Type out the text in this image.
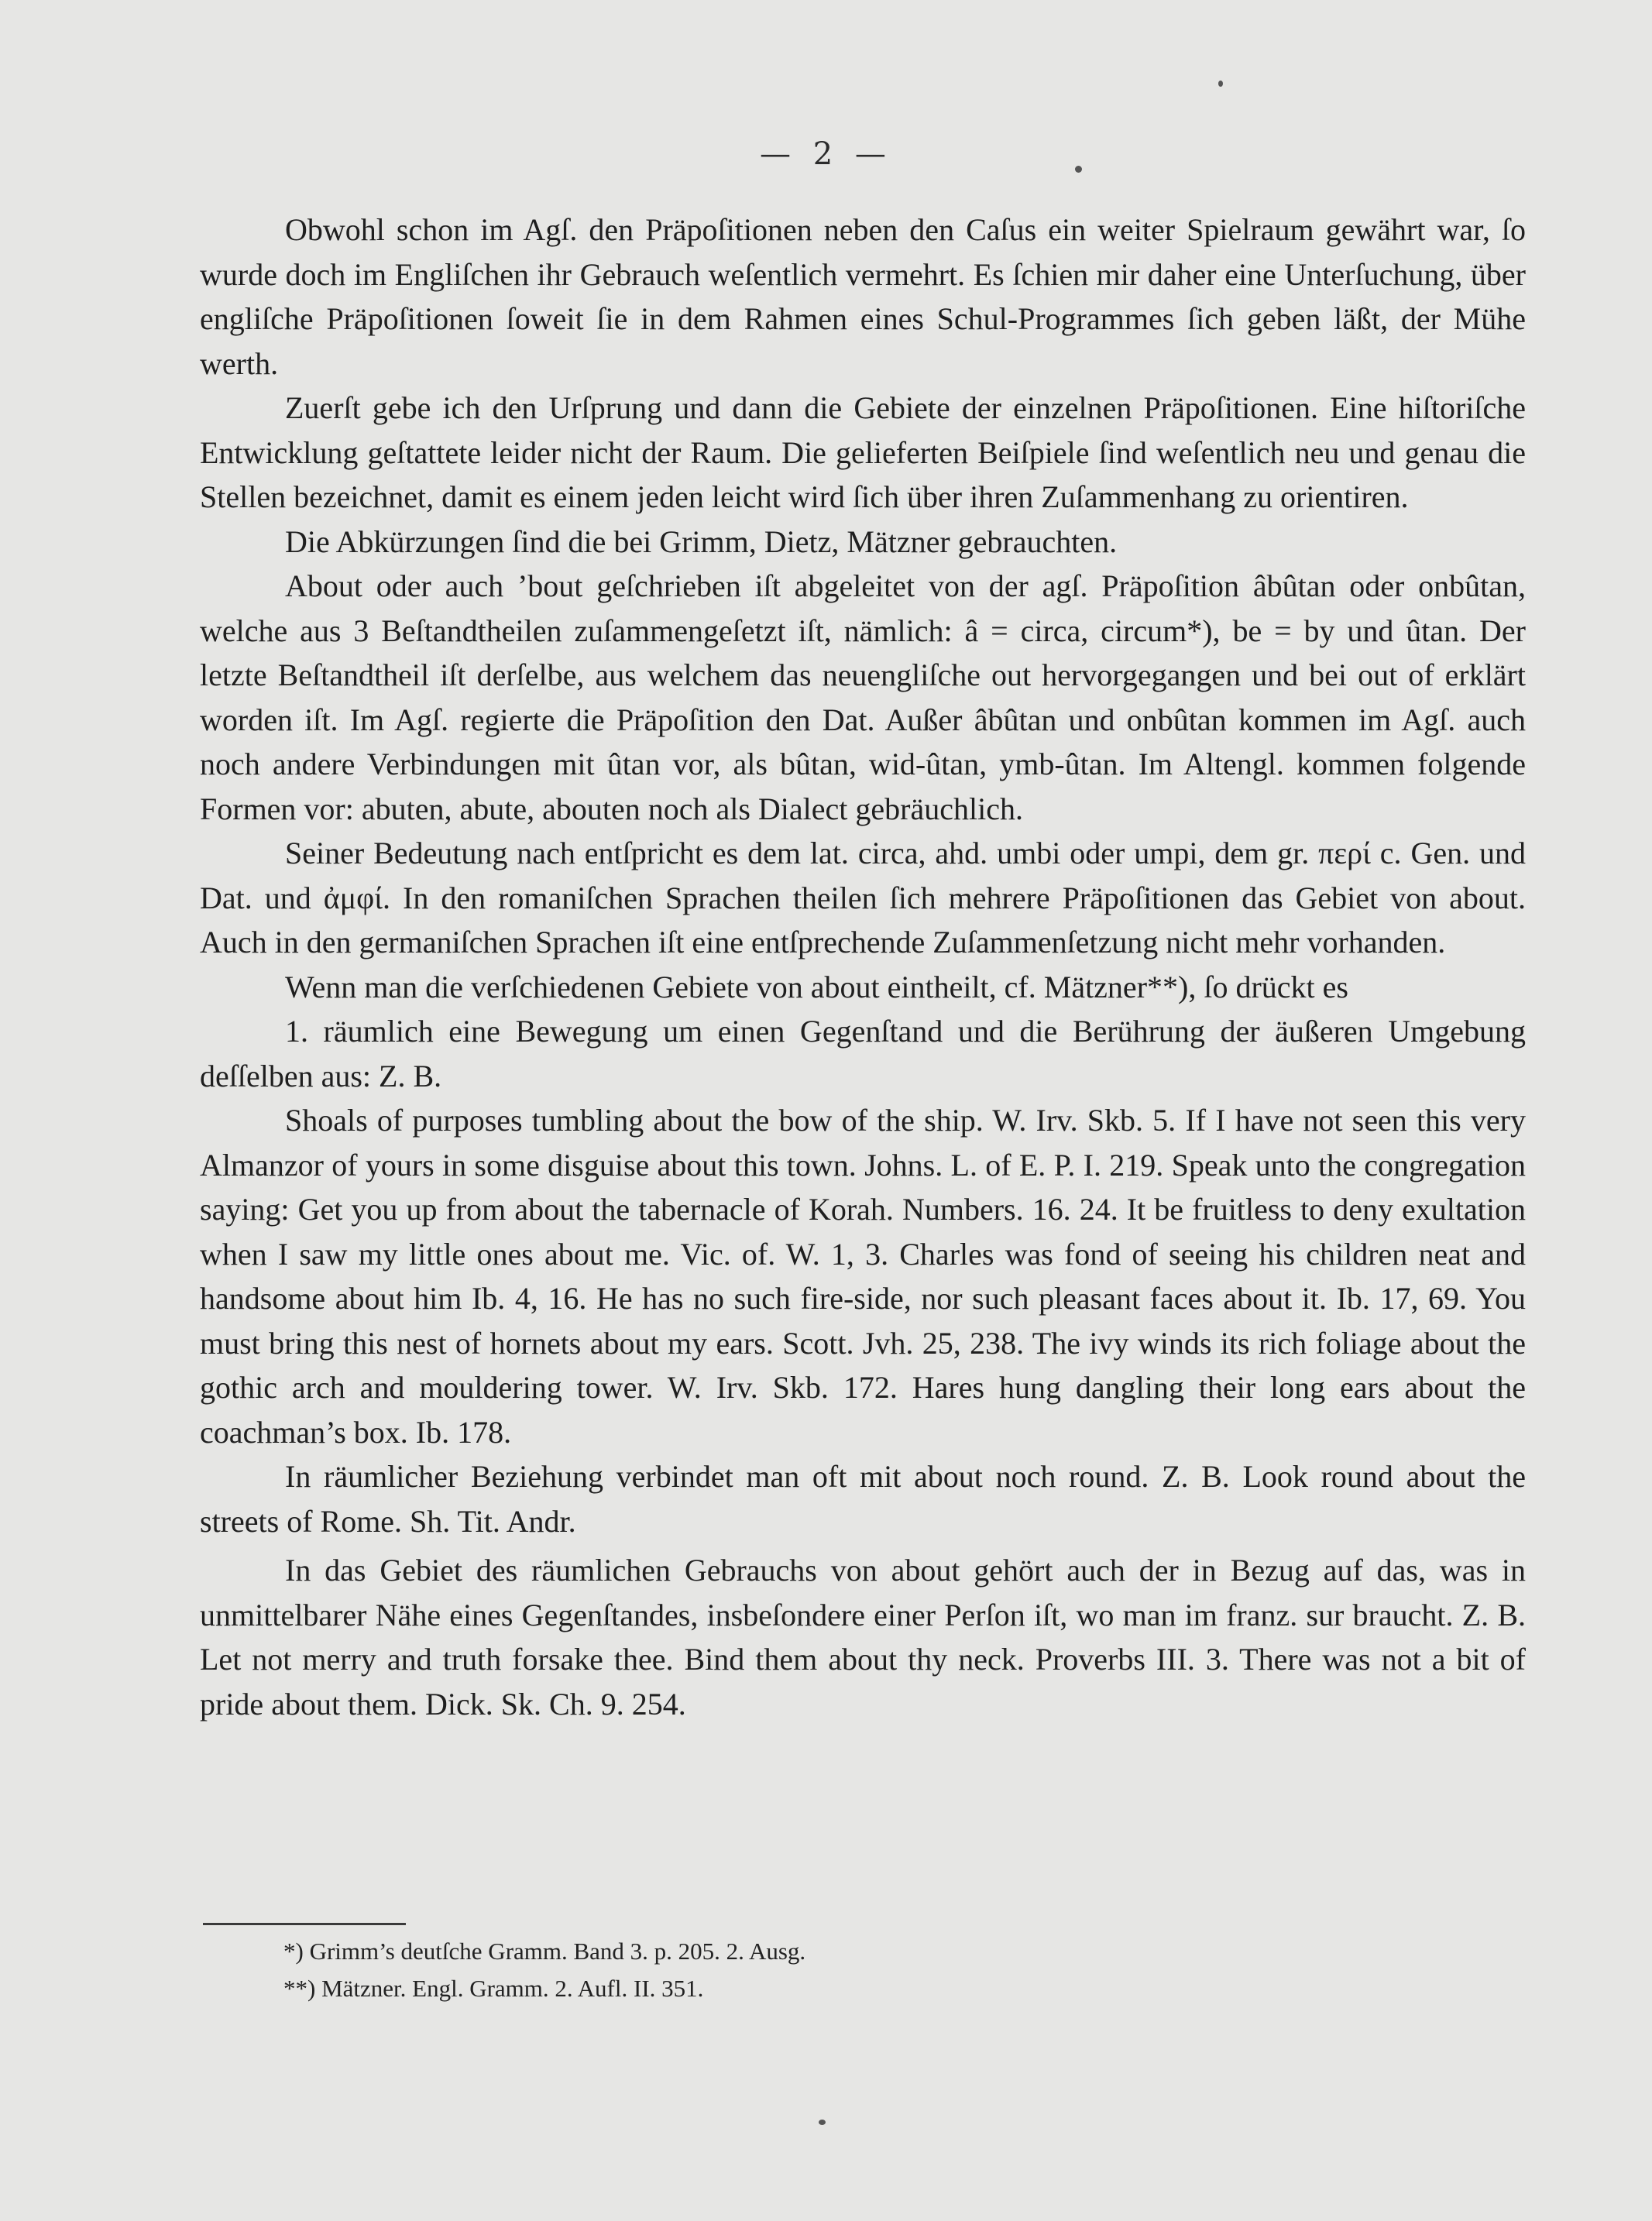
— 2 —

Obwohl schon im Agſ. den Präpoſitionen neben den Caſus ein weiter Spielraum gewährt war, ſo wurde doch im Engliſchen ihr Gebrauch weſentlich vermehrt. Es ſchien mir daher eine Unterſuchung, über engliſche Präpoſitionen ſoweit ſie in dem Rahmen eines Schul-Programmes ſich geben läßt, der Mühe werth.

Zuerſt gebe ich den Urſprung und dann die Gebiete der einzelnen Präpoſitionen. Eine hiſtoriſche Entwicklung geſtattete leider nicht der Raum. Die gelieferten Beiſpiele ſind weſentlich neu und genau die Stellen bezeichnet, damit es einem jeden leicht wird ſich über ihren Zuſammenhang zu orientiren.

Die Abkürzungen ſind die bei Grimm, Dietz, Mätzner gebrauchten.

About oder auch ’bout geſchrieben iſt abgeleitet von der agſ. Präpoſition âbûtan oder onbûtan, welche aus 3 Beſtandtheilen zuſammengeſetzt iſt, nämlich: â = circa, circum*), be = by und ûtan. Der letzte Beſtandtheil iſt derſelbe, aus welchem das neuengliſche out hervorgegangen und bei out of erklärt worden iſt. Im Agſ. regierte die Präpoſition den Dat. Außer âbûtan und onbûtan kommen im Agſ. auch noch andere Verbindungen mit ûtan vor, als bûtan, wid-ûtan, ymb-ûtan. Im Altengl. kommen folgende Formen vor: abuten, abute, abouten noch als Dialect gebräuchlich.

Seiner Bedeutung nach entſpricht es dem lat. circa, ahd. umbi oder umpi, dem gr. περί c. Gen. und Dat. und ἀμφί. In den romaniſchen Sprachen theilen ſich mehrere Präpoſitionen das Gebiet von about. Auch in den germaniſchen Sprachen iſt eine entſprechende Zuſammenſetzung nicht mehr vorhanden.

Wenn man die verſchiedenen Gebiete von about eintheilt, cf. Mätzner**), ſo drückt es

1. räumlich eine Bewegung um einen Gegenſtand und die Berührung der äußeren Umgebung deſſelben aus: Z. B.

Shoals of purposes tumbling about the bow of the ship. W. Irv. Skb. 5. If I have not seen this very Almanzor of yours in some disguise about this town. Johns. L. of E. P. I. 219. Speak unto the congregation saying: Get you up from about the tabernacle of Korah. Numbers. 16. 24. It be fruitless to deny exultation when I saw my little ones about me. Vic. of. W. 1, 3. Charles was fond of seeing his children neat and handsome about him Ib. 4, 16. He has no such fire-side, nor such pleasant faces about it. Ib. 17, 69. You must bring this nest of hornets about my ears. Scott. Jvh. 25, 238. The ivy winds its rich foliage about the gothic arch and mouldering tower. W. Irv. Skb. 172. Hares hung dangling their long ears about the coachman’s box. Ib. 178.

In räumlicher Beziehung verbindet man oft mit about noch round. Z. B. Look round about the streets of Rome. Sh. Tit. Andr.

In das Gebiet des räumlichen Gebrauchs von about gehört auch der in Bezug auf das, was in unmittelbarer Nähe eines Gegenſtandes, insbeſondere einer Perſon iſt, wo man im franz. sur braucht. Z. B. Let not merry and truth forsake thee. Bind them about thy neck. Proverbs III. 3. There was not a bit of pride about them. Dick. Sk. Ch. 9. 254.

*) Grimm’s deutſche Gramm. Band 3. p. 205. 2. Ausg.
**) Mätzner. Engl. Gramm. 2. Aufl. II. 351.
